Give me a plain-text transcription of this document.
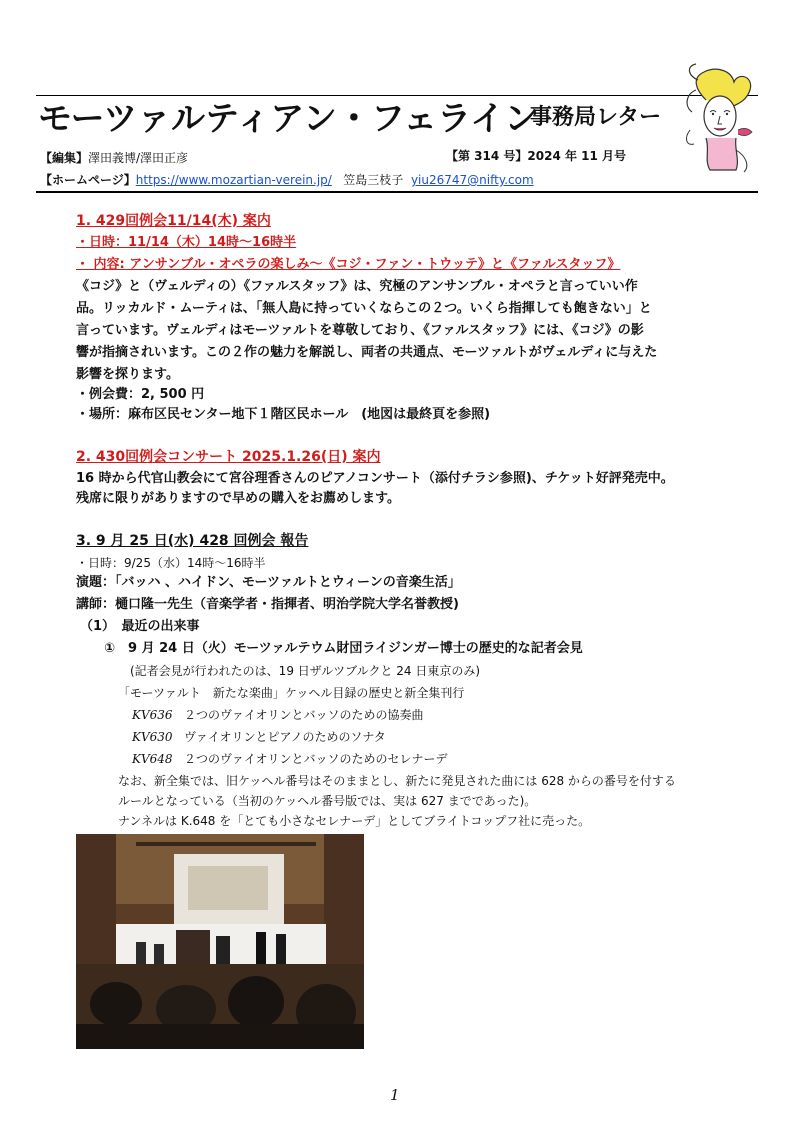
モーツァルティアン・フェライン
事務局レター
【編集】澤田義博/澤田正彦	【第 314 号】2024 年 11 月号
【ホームページ】https://www.mozartian-verein.jp/ 笠島三枝子 yiu26747@nifty.com
1. 429回例会11/14(木) 案内
・日時：11/14（木）14時〜16時半
・ 内容: アンサンブル・オペラの楽しみ〜《コジ・ファン・トウッテ》と《ファルスタッフ》
《コジ》と（ヴェルディの）《ファルスタッフ》は、究極のアンサンブル・オペラと言っていい作
品。リッカルド・ムーティは、「無人島に持っていくならこの２つ。いくら指揮しても飽きない」と
言っています。ヴェルディはモーツァルトを尊敬しており、《ファルスタッフ》には、《コジ》の影
響が指摘されいます。この２作の魅力を解説し、両者の共通点、モーツァルトがヴェルディに与えた
影響を探ります。
・例会費：2, 500 円
・場所：麻布区民センター地下１階区民ホール　(地図は最終頁を参照)
2. 430回例会コンサート 2025.1.26(日) 案内
16 時から代官山教会にて宮谷理香さんのピアノコンサート（添付チラシ参照)、チケット好評発売中。
残席に限りがありますので早めの購入をお薦めします。
3. 9 月 25 日(水) 428 回例会 報告
・日時：9/25（水）14時〜16時半
演題：「バッハ 、ハイドン、モーツァルトとウィーンの音楽生活」
講師：樋口隆一先生（音楽学者・指揮者、明治学院大学名誉教授)
（1）　最近の出来事
①　9 月 24 日（火）モーツァルテウム財団ライジンガー博士の歴史的な記者会見
(記者会見が行われたのは、19 日ザルツブルクと 24 日東京のみ)
「モーツァルト　新たな楽曲」ケッヘル目録の歴史と新全集刊行
KV636 ２つのヴァイオリンとバッソのための協奏曲
KV630 ヴァイオリンとピアノのためのソナタ
KV648 ２つのヴァイオリンとバッソのためのセレナーデ
なお、新全集では、旧ケッヘル番号はそのままとし、新たに発見された曲には 628 からの番号を付する
ルールとなっている（当初のケッヘル番号版では、実は 627 までであった)。
ナンネルは K.648 を「とても小さなセレナーデ」としてブライトコップフ社に売った。
1
